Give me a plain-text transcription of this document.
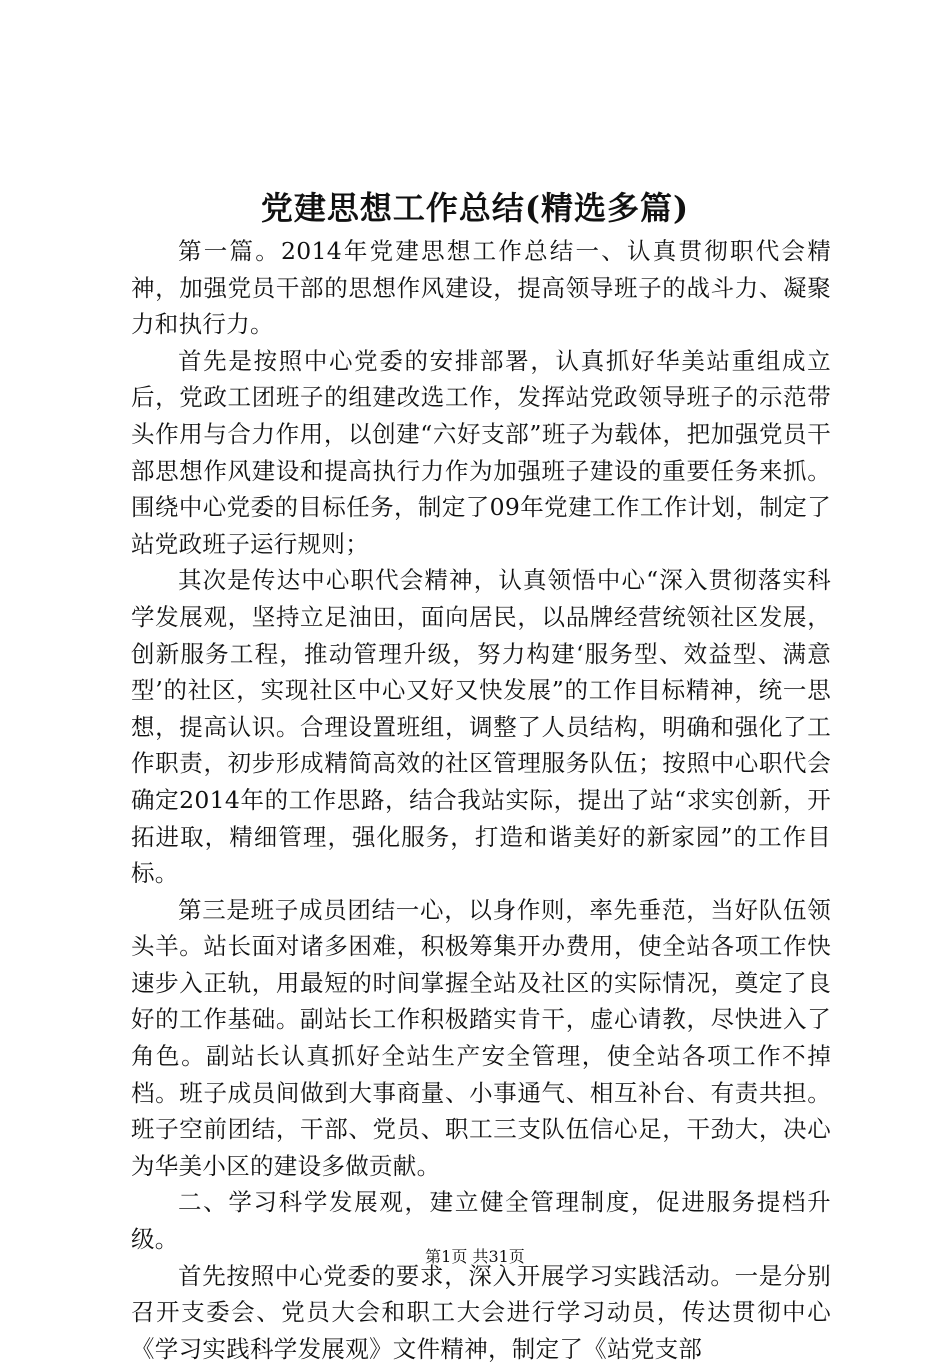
党建思想工作总结(精选多篇)

第一篇。2014年党建思想工作总结一、认真贯彻职代会精神，加强党员干部的思想作风建设，提高领导班子的战斗力、凝聚力和执行力。

首先是按照中心党委的安排部署，认真抓好华美站重组成立后，党政工团班子的组建改选工作，发挥站党政领导班子的示范带头作用与合力作用，以创建“六好支部”班子为载体，把加强党员干部思想作风建设和提高执行力作为加强班子建设的重要任务来抓。围绕中心党委的目标任务，制定了09年党建工作工作计划，制定了站党政班子运行规则；

其次是传达中心职代会精神，认真领悟中心“深入贯彻落实科学发展观，坚持立足油田，面向居民，以品牌经营统领社区发展，创新服务工程，推动管理升级，努力构建‘服务型、效益型、满意型’的社区，实现社区中心又好又快发展”的工作目标精神，统一思想，提高认识。合理设置班组，调整了人员结构，明确和强化了工作职责，初步形成精简高效的社区管理服务队伍；按照中心职代会确定2014年的工作思路，结合我站实际，提出了站“求实创新，开拓进取，精细管理，强化服务，打造和谐美好的新家园”的工作目标。

第三是班子成员团结一心，以身作则，率先垂范，当好队伍领头羊。站长面对诸多困难，积极筹集开办费用，使全站各项工作快速步入正轨，用最短的时间掌握全站及社区的实际情况，奠定了良好的工作基础。副站长工作积极踏实肯干，虚心请教，尽快进入了角色。副站长认真抓好全站生产安全管理，使全站各项工作不掉档。班子成员间做到大事商量、小事通气、相互补台、有责共担。班子空前团结，干部、党员、职工三支队伍信心足，干劲大，决心为华美小区的建设多做贡献。

二、学习科学发展观，建立健全管理制度，促进服务提档升级。

首先按照中心党委的要求，深入开展学习实践活动。一是分别召开支委会、党员大会和职工大会进行学习动员，传达贯彻中心《学习实践科学发展观》文件精神，制定了《站党支部

第1页 共31页
